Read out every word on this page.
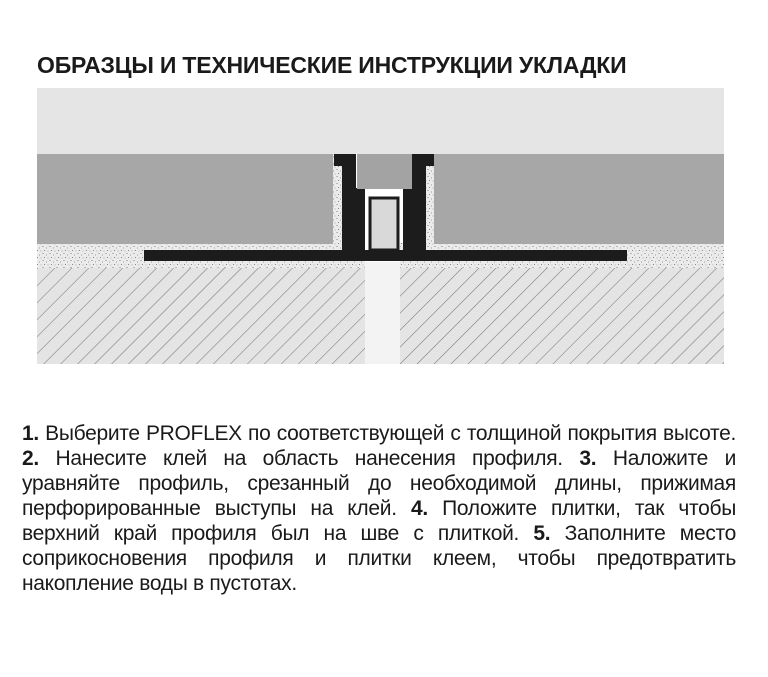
ОБРАЗЦЫ И ТЕХНИЧЕСКИЕ ИНСТРУКЦИИ УКЛАДКИ
1. Выберите PROFLEX по соответствующей с толщиной покрытия высоте. 2. Нанесите клей на область нанесения профиля. 3. Наложите и уравняйте профиль, срезанный до необходимой длины, прижимая перфорированные выступы на клей. 4. Положите плитки, так чтобы верхний край профиля был на шве с плиткой. 5. Заполните место соприкосновения профиля и плитки клеем, чтобы предотвратить накопление воды в пустотах.
